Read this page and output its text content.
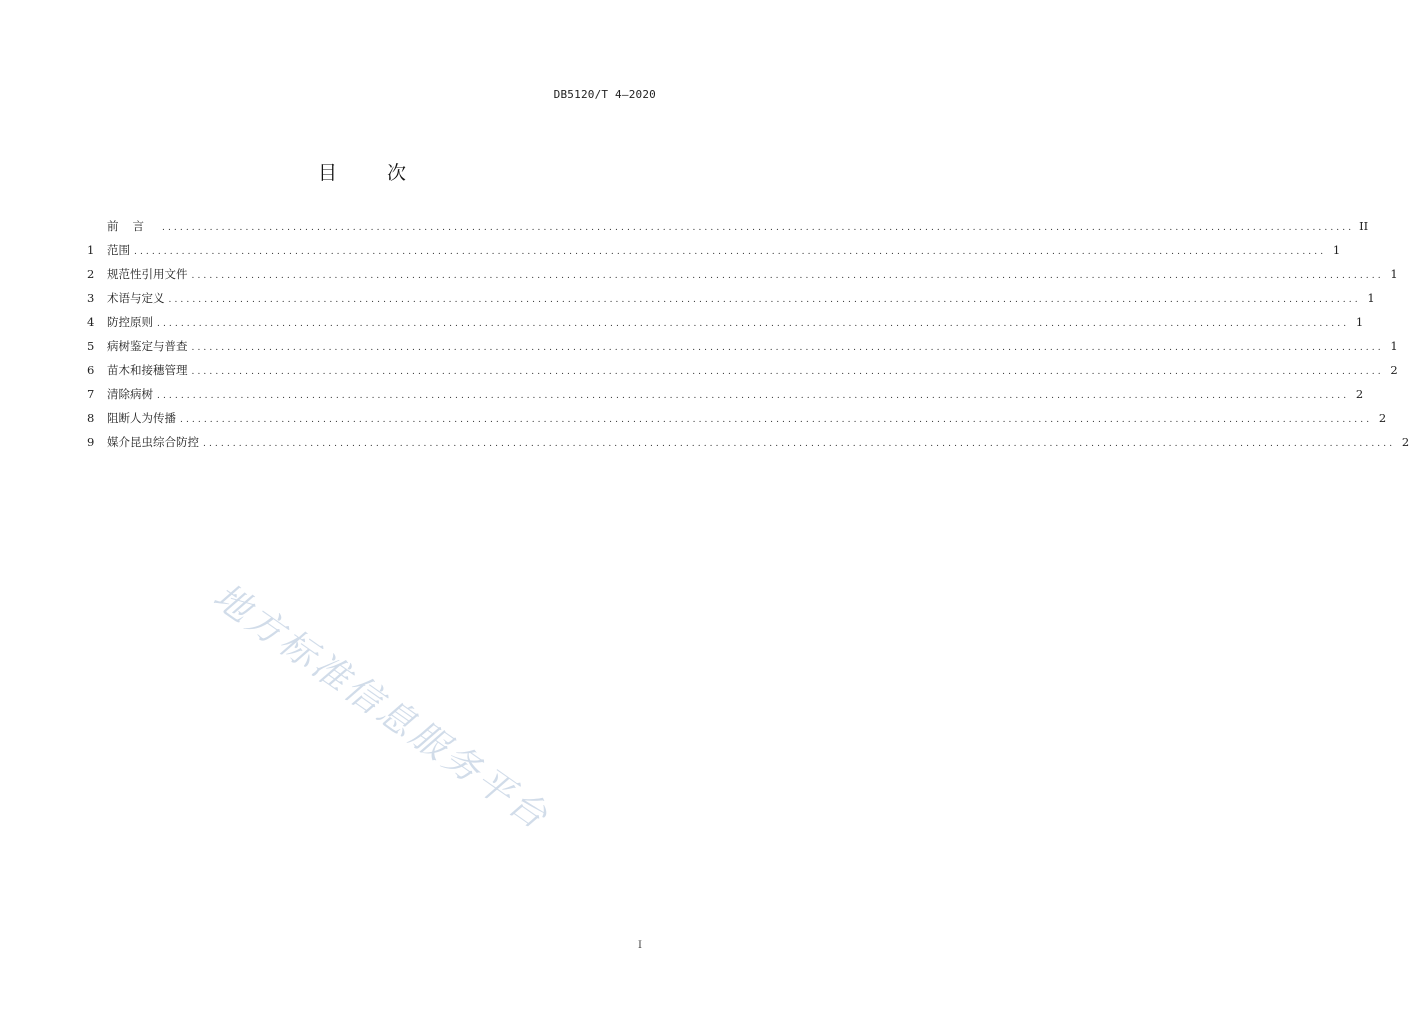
DB5120/T 4—2020
目 次
前言 ........................................................................................................................................................................................................ II
1	范围 ........................................................................................................................................................................................................ 1
2	规范性引用文件 ........................................................................................................................................................................................................ 1
3	术语与定义 ........................................................................................................................................................................................................ 1
4	防控原则 ........................................................................................................................................................................................................ 1
5	病树鉴定与普查 ........................................................................................................................................................................................................ 1
6	苗木和接穗管理 ........................................................................................................................................................................................................ 2
7	清除病树 ........................................................................................................................................................................................................ 2
8	阻断人为传播 ........................................................................................................................................................................................................ 2
9	媒介昆虫综合防控 ........................................................................................................................................................................................................ 2
地方标准信息服务平台
I
